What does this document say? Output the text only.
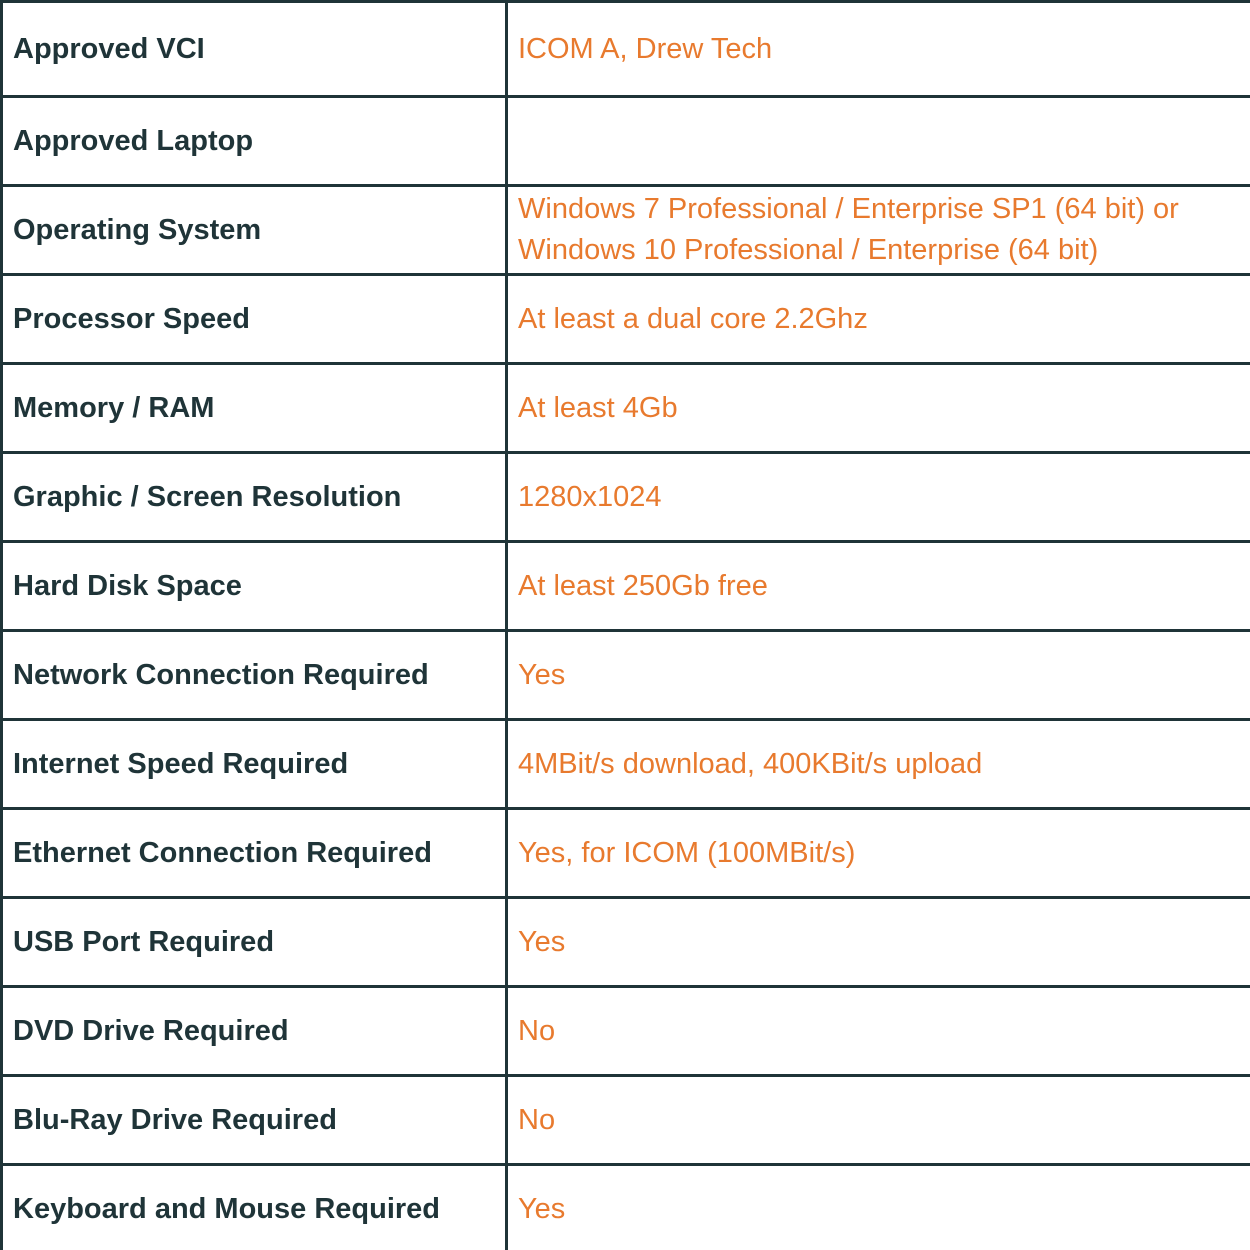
Approved VCI	ICOM A, Drew Tech
Approved Laptop	
Operating System	Windows 7 Professional / Enterprise SP1 (64 bit) or
Windows 10 Professional / Enterprise (64 bit)

Processor Speed	At least a dual core 2.2Ghz
Memory / RAM	At least 4Gb
Graphic / Screen Resolution	1280x1024
Hard Disk Space	At least 250Gb free
Network Connection Required	Yes
Internet Speed Required	4MBit/s download, 400KBit/s upload
Ethernet Connection Required	Yes, for ICOM (100MBit/s)
USB Port Required	Yes
DVD Drive Required	No
Blu-Ray Drive Required	No
Keyboard and Mouse Required	Yes
